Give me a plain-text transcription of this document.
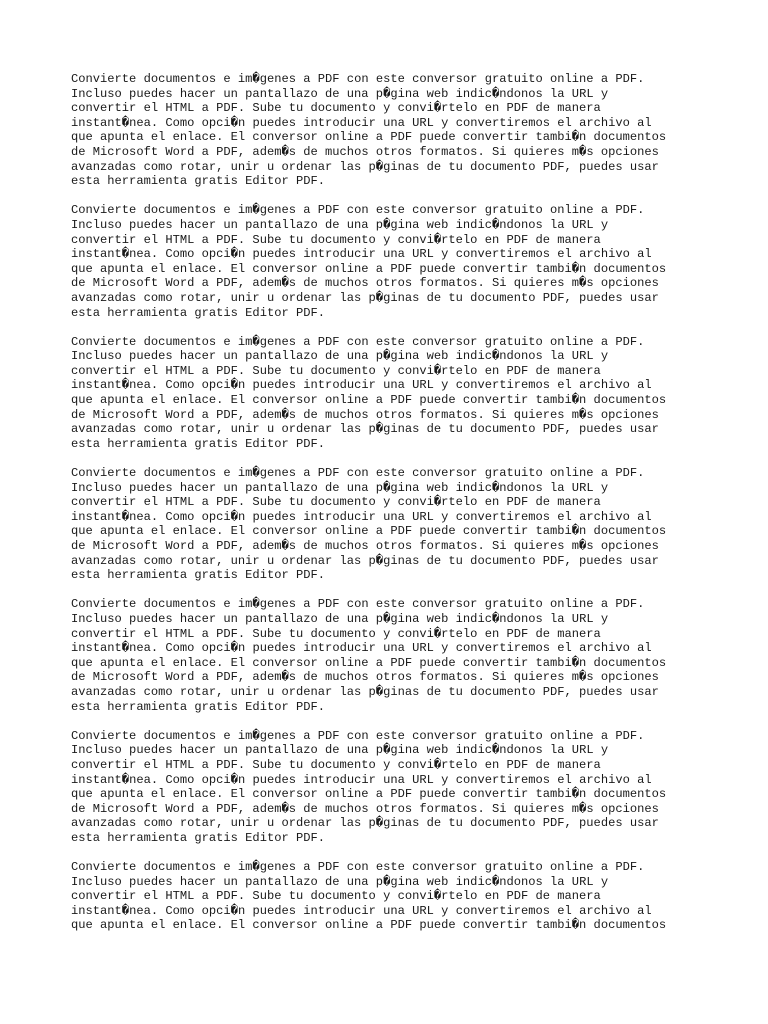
Convierte documentos e im�genes a PDF con este conversor gratuito online a PDF.
Incluso puedes hacer un pantallazo de una p�gina web indic�ndonos la URL y
convertir el HTML a PDF. Sube tu documento y convi�rtelo en PDF de manera
instant�nea. Como opci�n puedes introducir una URL y convertiremos el archivo al
que apunta el enlace. El conversor online a PDF puede convertir tambi�n documentos
de Microsoft Word a PDF, adem�s de muchos otros formatos. Si quieres m�s opciones
avanzadas como rotar, unir u ordenar las p�ginas de tu documento PDF, puedes usar
esta herramienta gratis Editor PDF.

Convierte documentos e im�genes a PDF con este conversor gratuito online a PDF.
Incluso puedes hacer un pantallazo de una p�gina web indic�ndonos la URL y
convertir el HTML a PDF. Sube tu documento y convi�rtelo en PDF de manera
instant�nea. Como opci�n puedes introducir una URL y convertiremos el archivo al
que apunta el enlace. El conversor online a PDF puede convertir tambi�n documentos
de Microsoft Word a PDF, adem�s de muchos otros formatos. Si quieres m�s opciones
avanzadas como rotar, unir u ordenar las p�ginas de tu documento PDF, puedes usar
esta herramienta gratis Editor PDF.

Convierte documentos e im�genes a PDF con este conversor gratuito online a PDF.
Incluso puedes hacer un pantallazo de una p�gina web indic�ndonos la URL y
convertir el HTML a PDF. Sube tu documento y convi�rtelo en PDF de manera
instant�nea. Como opci�n puedes introducir una URL y convertiremos el archivo al
que apunta el enlace. El conversor online a PDF puede convertir tambi�n documentos
de Microsoft Word a PDF, adem�s de muchos otros formatos. Si quieres m�s opciones
avanzadas como rotar, unir u ordenar las p�ginas de tu documento PDF, puedes usar
esta herramienta gratis Editor PDF.

Convierte documentos e im�genes a PDF con este conversor gratuito online a PDF.
Incluso puedes hacer un pantallazo de una p�gina web indic�ndonos la URL y
convertir el HTML a PDF. Sube tu documento y convi�rtelo en PDF de manera
instant�nea. Como opci�n puedes introducir una URL y convertiremos el archivo al
que apunta el enlace. El conversor online a PDF puede convertir tambi�n documentos
de Microsoft Word a PDF, adem�s de muchos otros formatos. Si quieres m�s opciones
avanzadas como rotar, unir u ordenar las p�ginas de tu documento PDF, puedes usar
esta herramienta gratis Editor PDF.

Convierte documentos e im�genes a PDF con este conversor gratuito online a PDF.
Incluso puedes hacer un pantallazo de una p�gina web indic�ndonos la URL y
convertir el HTML a PDF. Sube tu documento y convi�rtelo en PDF de manera
instant�nea. Como opci�n puedes introducir una URL y convertiremos el archivo al
que apunta el enlace. El conversor online a PDF puede convertir tambi�n documentos
de Microsoft Word a PDF, adem�s de muchos otros formatos. Si quieres m�s opciones
avanzadas como rotar, unir u ordenar las p�ginas de tu documento PDF, puedes usar
esta herramienta gratis Editor PDF.

Convierte documentos e im�genes a PDF con este conversor gratuito online a PDF.
Incluso puedes hacer un pantallazo de una p�gina web indic�ndonos la URL y
convertir el HTML a PDF. Sube tu documento y convi�rtelo en PDF de manera
instant�nea. Como opci�n puedes introducir una URL y convertiremos el archivo al
que apunta el enlace. El conversor online a PDF puede convertir tambi�n documentos
de Microsoft Word a PDF, adem�s de muchos otros formatos. Si quieres m�s opciones
avanzadas como rotar, unir u ordenar las p�ginas de tu documento PDF, puedes usar
esta herramienta gratis Editor PDF.

Convierte documentos e im�genes a PDF con este conversor gratuito online a PDF.
Incluso puedes hacer un pantallazo de una p�gina web indic�ndonos la URL y
convertir el HTML a PDF. Sube tu documento y convi�rtelo en PDF de manera
instant�nea. Como opci�n puedes introducir una URL y convertiremos el archivo al
que apunta el enlace. El conversor online a PDF puede convertir tambi�n documentos
